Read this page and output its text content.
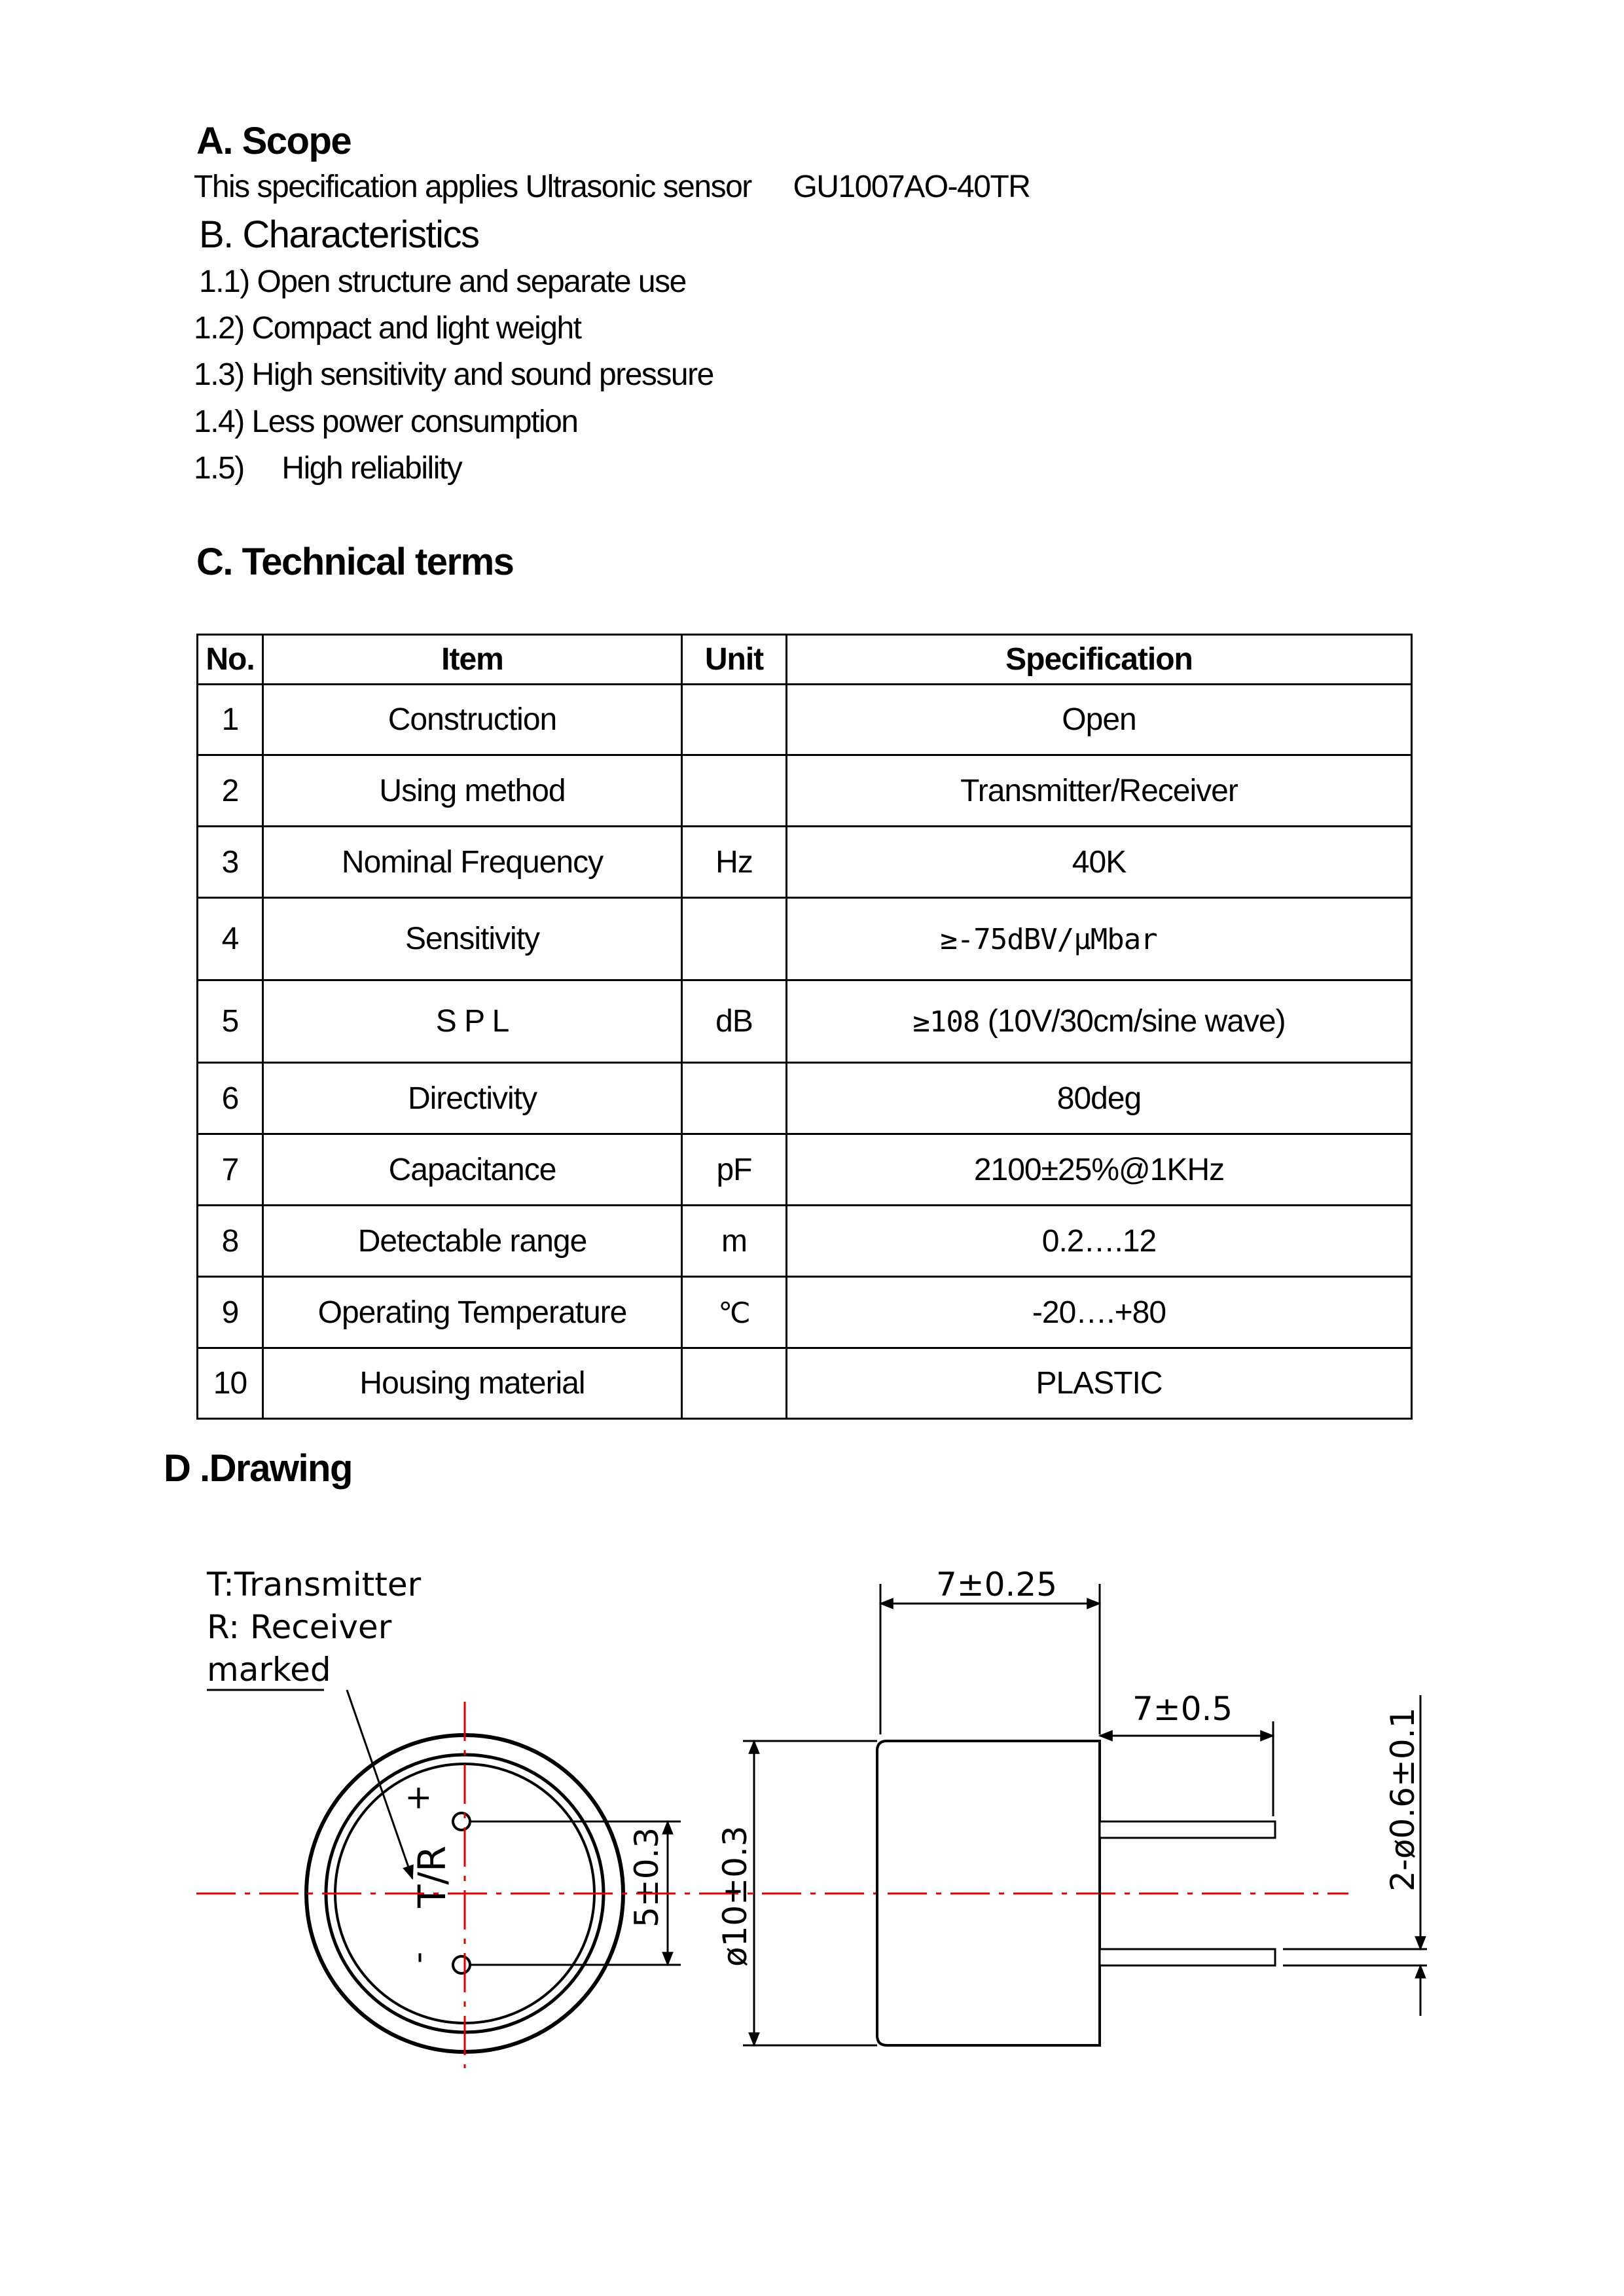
A. Scope
This specification applies Ultrasonic sensor GU1007AO-40TR
B. Characteristics
1.1) Open structure and separate use
1.2) Compact and light weight
1.3) High sensitivity and sound pressure
1.4) Less power consumption
1.5) High reliability
C. Technical terms
No.	Item	Unit	Specification
1	Construction		Open
2	Using method		Transmitter/Receiver
3	Nominal Frequency	Hz	40K
4	Sensitivity		≥-75dBV/μMbar
5	S P L	dB	≥108 (10V/30cm/sine wave)
6	Directivity		80deg
7	Capacitance	pF	2100±25%@1KHz
8	Detectable range	m	0.2….12
9	Operating Temperature	℃	-20….+80
10	Housing material		PLASTIC
D .Drawing
T:Transmitter
R: Receiver
marked
T/R
+
-
5±0.3 ø10±0.3
7±0.25
7±0.5	2-ø0.6±0.1
